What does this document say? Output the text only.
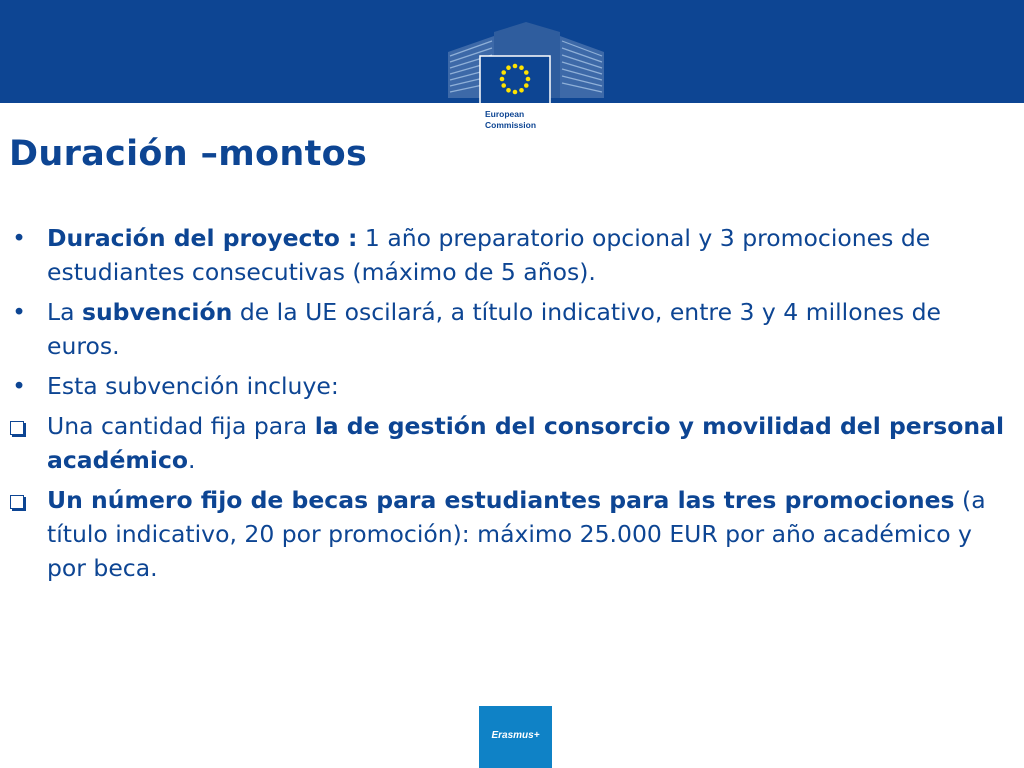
European
Commission
Duración –montos
• Duración del proyecto : 1 año preparatorio opcional y 3 promociones de estudiantes consecutivas (máximo de 5 años).
• La subvención de la UE oscilará, a título indicativo, entre 3 y 4 millones de euros.
• Esta subvención incluye:
Una cantidad fija para la de gestión del consorcio y movilidad del personal académico.
Un número fijo de becas para estudiantes para las tres promociones (a título indicativo, 20 por promoción): máximo 25.000 EUR por año académico y por beca.
Erasmus+
